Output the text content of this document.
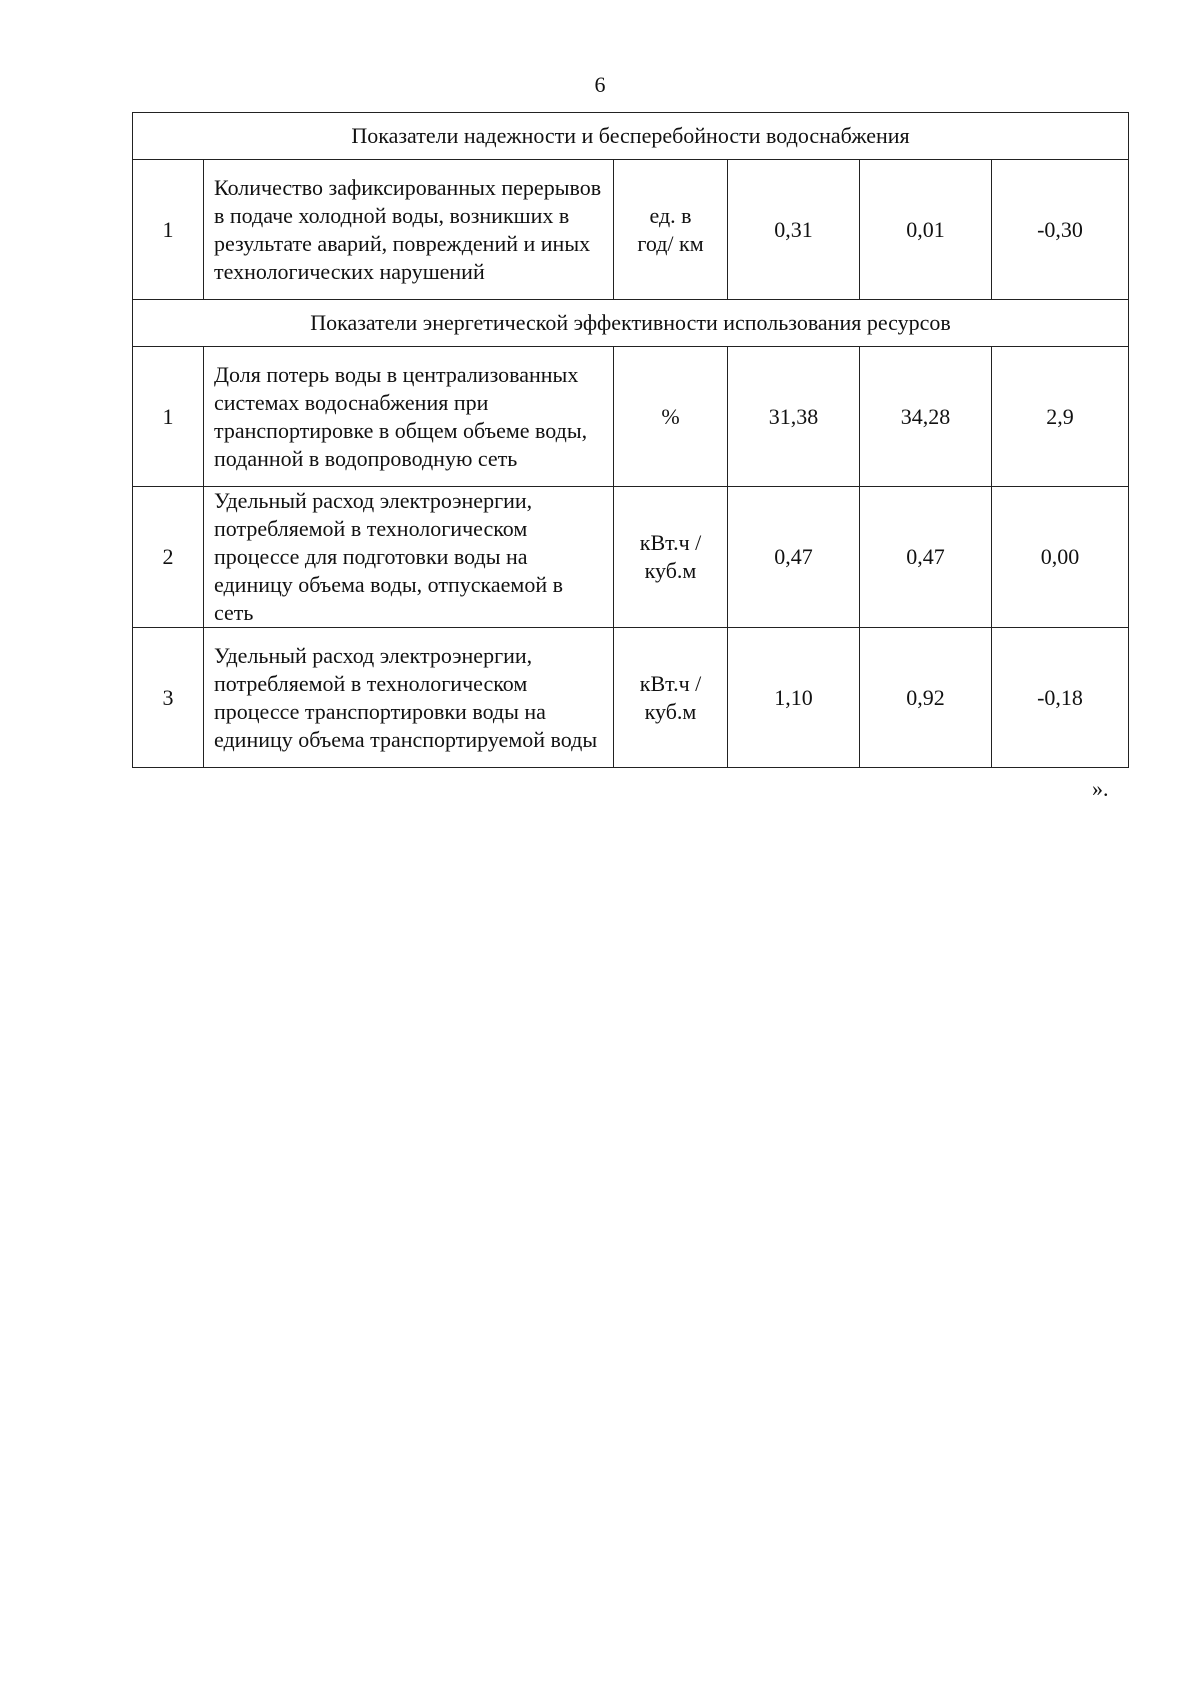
6
Показатели надежности и бесперебойности водоснабжения					
1	Количество зафиксированных перерывов в подаче холодной воды, возникших в результате аварий, повреждений и иных технологических нарушений	ед. в
год/ км	0,31	0,01	-0,30
Показатели энергетической эффективности использования ресурсов					
1	Доля потерь воды в централизованных системах водоснабжения при транспортировке в общем объеме воды, поданной в водопроводную сеть	%	31,38	34,28	2,9
2	Удельный расход электроэнергии, потребляемой в технологическом процессе для подготовки воды на единицу объема воды, отпускаемой в сеть	кВт.ч /
куб.м	0,47	0,47	0,00
3	Удельный расход электроэнергии, потребляемой в технологическом процессе транспортировки воды на единицу объема транспортируемой воды	кВт.ч /
куб.м	1,10	0,92	-0,18
».
